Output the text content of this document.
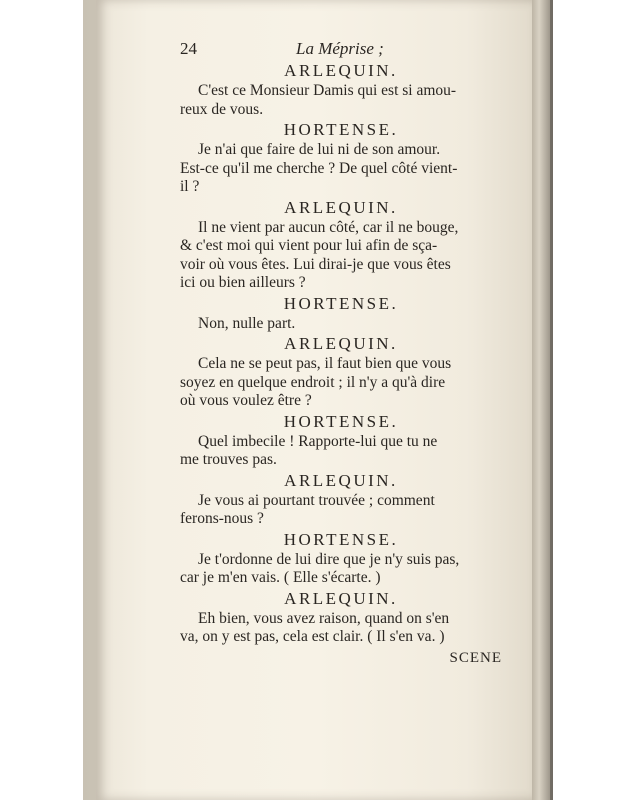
24	La Méprise ;
ARLEQUIN.
C'est ce Monsieur Damis qui est si amou-
reux de vous.
HORTENSE.
Je n'ai que faire de lui ni de son amour.
Est-ce qu'il me cherche ? De quel côté vient-
il ?
ARLEQUIN.
Il ne vient par aucun côté, car il ne bouge,
& c'est moi qui vient pour lui afin de sça-
voir où vous êtes. Lui dirai-je que vous êtes
ici ou bien ailleurs ?
HORTENSE.
Non, nulle part.
ARLEQUIN.
Cela ne se peut pas, il faut bien que vous
soyez en quelque endroit ; il n'y a qu'à dire
où vous voulez être ?
HORTENSE.
Quel imbecile ! Rapporte-lui que tu ne
me trouves pas.
ARLEQUIN.
Je vous ai pourtant trouvée ; comment
ferons-nous ?
HORTENSE.
Je t'ordonne de lui dire que je n'y suis pas,
car je m'en vais. ( Elle s'écarte. )
ARLEQUIN.
Eh bien, vous avez raison, quand on s'en
va, on y est pas, cela est clair. ( Il s'en va. )
SCENE
